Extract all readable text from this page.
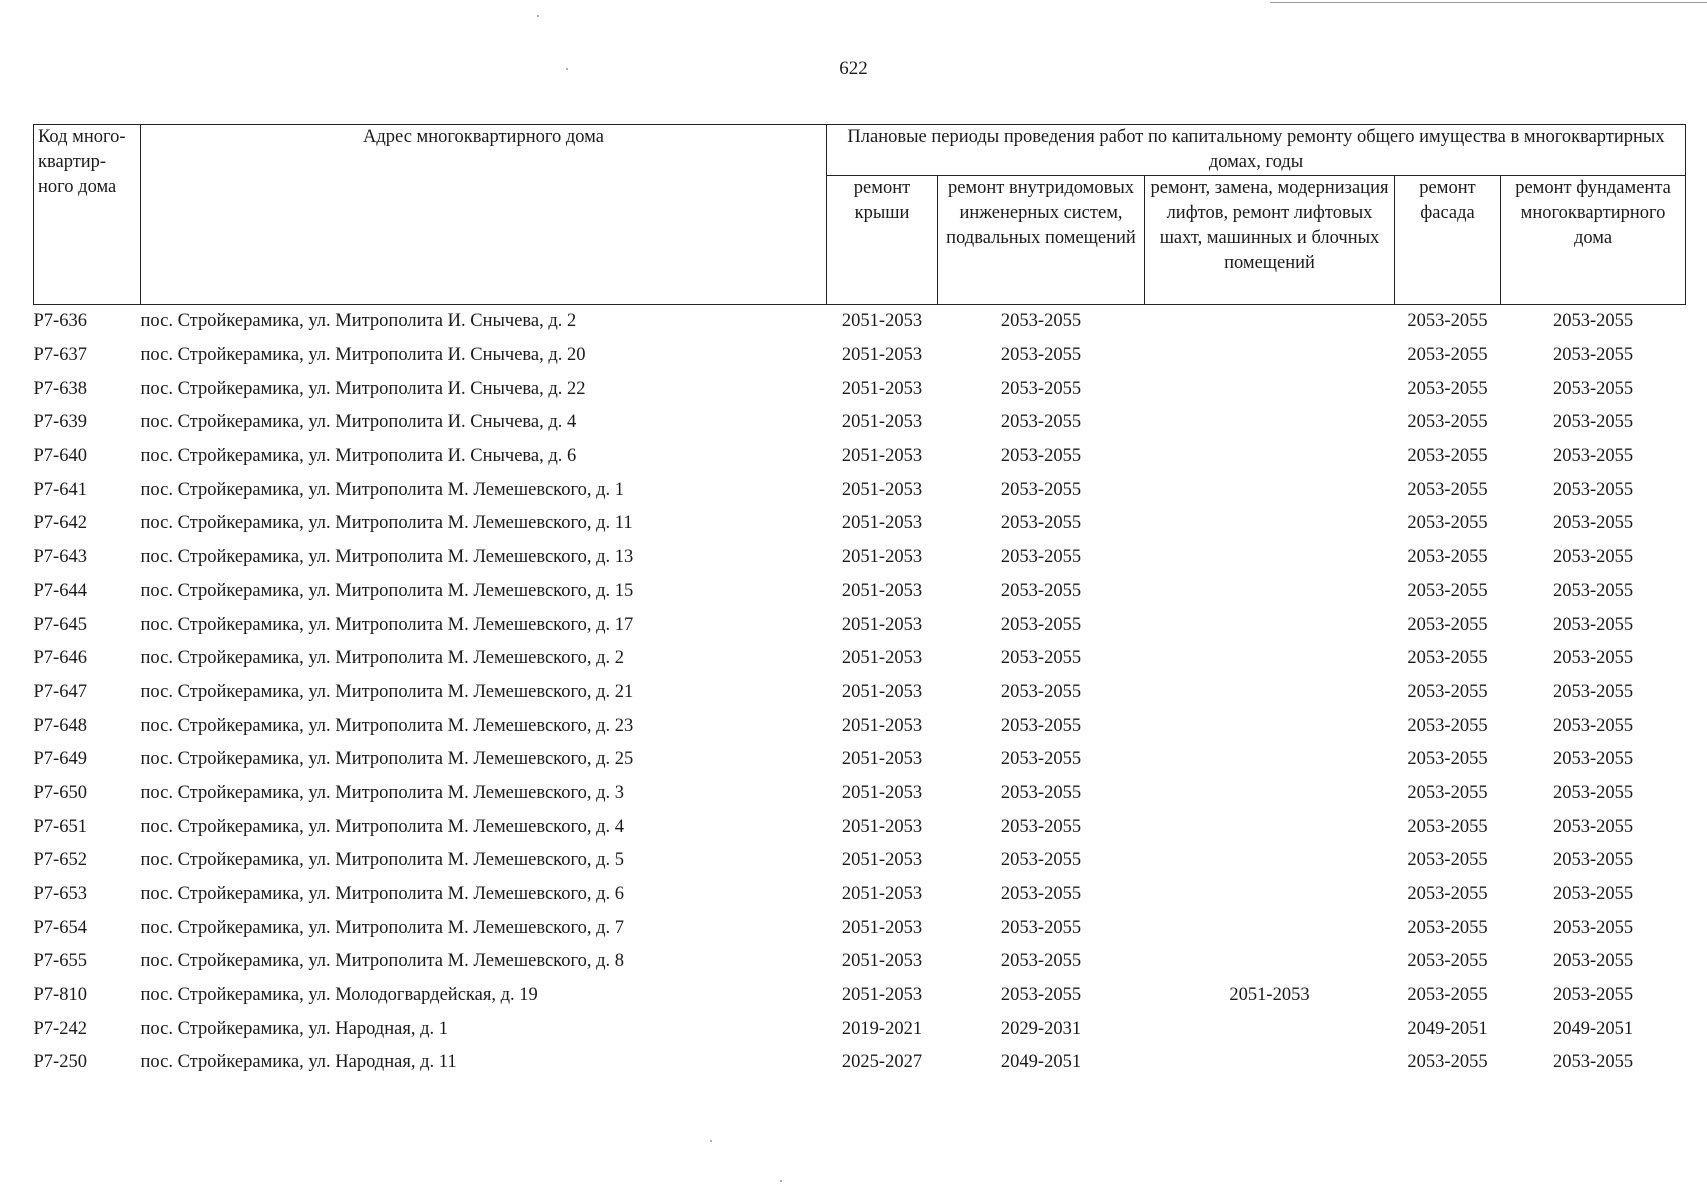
622
Код много-квартир-ного дома	Адрес многоквартирного дома	Плановые периоды проведения работ по капитальному ремонту общего имущества в многоквартирных домах, годы				
		ремонт крыши	ремонт внутридомовых инженерных систем, подвальных помещений	ремонт, замена, модернизация лифтов, ремонт лифтовых шахт, машинных и блочных помещений	ремонт фасада	ремонт фундамента многоквартирного дома
Р7-636	пос. Стройкерамика, ул. Митрополита И. Снычева, д. 2	2051-2053	2053-2055		2053-2055	2053-2055
Р7-637	пос. Стройкерамика, ул. Митрополита И. Снычева, д. 20	2051-2053	2053-2055		2053-2055	2053-2055
Р7-638	пос. Стройкерамика, ул. Митрополита И. Снычева, д. 22	2051-2053	2053-2055		2053-2055	2053-2055
Р7-639	пос. Стройкерамика, ул. Митрополита И. Снычева, д. 4	2051-2053	2053-2055		2053-2055	2053-2055
Р7-640	пос. Стройкерамика, ул. Митрополита И. Снычева, д. 6	2051-2053	2053-2055		2053-2055	2053-2055
Р7-641	пос. Стройкерамика, ул. Митрополита М. Лемешевского, д. 1	2051-2053	2053-2055		2053-2055	2053-2055
Р7-642	пос. Стройкерамика, ул. Митрополита М. Лемешевского, д. 11	2051-2053	2053-2055		2053-2055	2053-2055
Р7-643	пос. Стройкерамика, ул. Митрополита М. Лемешевского, д. 13	2051-2053	2053-2055		2053-2055	2053-2055
Р7-644	пос. Стройкерамика, ул. Митрополита М. Лемешевского, д. 15	2051-2053	2053-2055		2053-2055	2053-2055
Р7-645	пос. Стройкерамика, ул. Митрополита М. Лемешевского, д. 17	2051-2053	2053-2055		2053-2055	2053-2055
Р7-646	пос. Стройкерамика, ул. Митрополита М. Лемешевского, д. 2	2051-2053	2053-2055		2053-2055	2053-2055
Р7-647	пос. Стройкерамика, ул. Митрополита М. Лемешевского, д. 21	2051-2053	2053-2055		2053-2055	2053-2055
Р7-648	пос. Стройкерамика, ул. Митрополита М. Лемешевского, д. 23	2051-2053	2053-2055		2053-2055	2053-2055
Р7-649	пос. Стройкерамика, ул. Митрополита М. Лемешевского, д. 25	2051-2053	2053-2055		2053-2055	2053-2055
Р7-650	пос. Стройкерамика, ул. Митрополита М. Лемешевского, д. 3	2051-2053	2053-2055		2053-2055	2053-2055
Р7-651	пос. Стройкерамика, ул. Митрополита М. Лемешевского, д. 4	2051-2053	2053-2055		2053-2055	2053-2055
Р7-652	пос. Стройкерамика, ул. Митрополита М. Лемешевского, д. 5	2051-2053	2053-2055		2053-2055	2053-2055
Р7-653	пос. Стройкерамика, ул. Митрополита М. Лемешевского, д. 6	2051-2053	2053-2055		2053-2055	2053-2055
Р7-654	пос. Стройкерамика, ул. Митрополита М. Лемешевского, д. 7	2051-2053	2053-2055		2053-2055	2053-2055
Р7-655	пос. Стройкерамика, ул. Митрополита М. Лемешевского, д. 8	2051-2053	2053-2055		2053-2055	2053-2055
Р7-810	пос. Стройкерамика, ул. Молодогвардейская, д. 19	2051-2053	2053-2055	2051-2053	2053-2055	2053-2055
Р7-242	пос. Стройкерамика, ул. Народная, д. 1	2019-2021	2029-2031		2049-2051	2049-2051
Р7-250	пос. Стройкерамика, ул. Народная, д. 11	2025-2027	2049-2051		2053-2055	2053-2055
